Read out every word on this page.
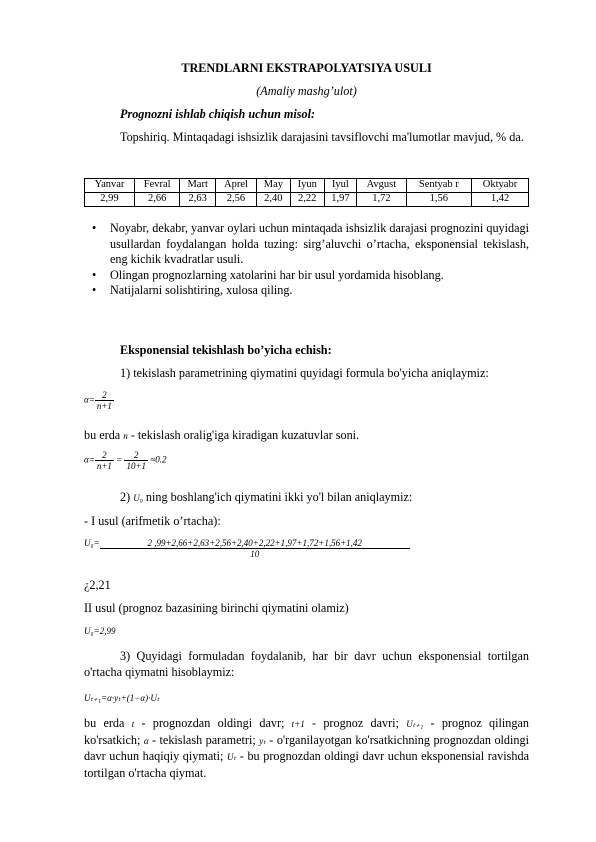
TRENDLARNI EKSTRAPOLYATSIYA USULI
(Amaliy mashg’ulot)
Prognozni ishlab chiqish uchun misol:
Topshiriq. Mintaqadagi ishsizlik darajasini tavsiflovchi ma'lumotlar mavjud, % da.
Yanvar	Fevral	Mart	Aprel	May	Iyun	Iyul	Avgust	Sentyab r	Oktyabr
2,99	2,66	2,63	2,56	2,40	2,22	1,97	1,72	1,56	1,42
• Noyabr, dekabr, yanvar oylari uchun mintaqada ishsizlik darajasi prognozini quyidagi usullardan foydalangan holda tuzing: sirg’aluvchi o’rtacha, eksponensial tekislash, eng kichik kvadratlar usuli.
• Olingan prognozlarning xatolarini har bir usul yordamida hisoblang.
• Natijalarni solishtiring, xulosa qiling.
Eksponensial tekishlash bo’yicha echish:
1) tekislash parametrining qiymatini quyidagi formula bo'yicha aniqlaymiz:
$\alpha= \frac{2}{n+1}$
bu erda n - tekislash oralig'iga kiradigan kuzatuvlar soni.
$\alpha= \frac{2}{n+1} = \frac{2}{10+1} \approx 0.2$
2) U₀ ning boshlang'ich qiymatini ikki yo'l bilan aniqlaymiz:
- I usul (arifmetik o’rtacha):
$U_0= \frac{2 ,99+2,66+2,63+2,56+2,40+2,22+1,97+1,72+1,56+1,42}{10}$
¿2,21
II usul (prognoz bazasining birinchi qiymatini olamiz)
U₀=2,99
3) Quyidagi formuladan foydalanib, har bir davr uchun eksponensial tortilgan o'rtacha qiymatni hisoblaymiz:
Uₜ₊₁=α·yₜ+(1−α)·Uₜ
bu erda t - prognozdan oldingi davr; t+1 - prognoz davri; Uₜ₊₁ - prognoz qilingan ko'rsatkich; α - tekislash parametri; yₜ - o'rganilayotgan ko'rsatkichning prognozdan oldingi davr uchun haqiqiy qiymati; Uₜ - bu prognozdan oldingi davr uchun eksponensial ravishda tortilgan o'rtacha qiymat.
